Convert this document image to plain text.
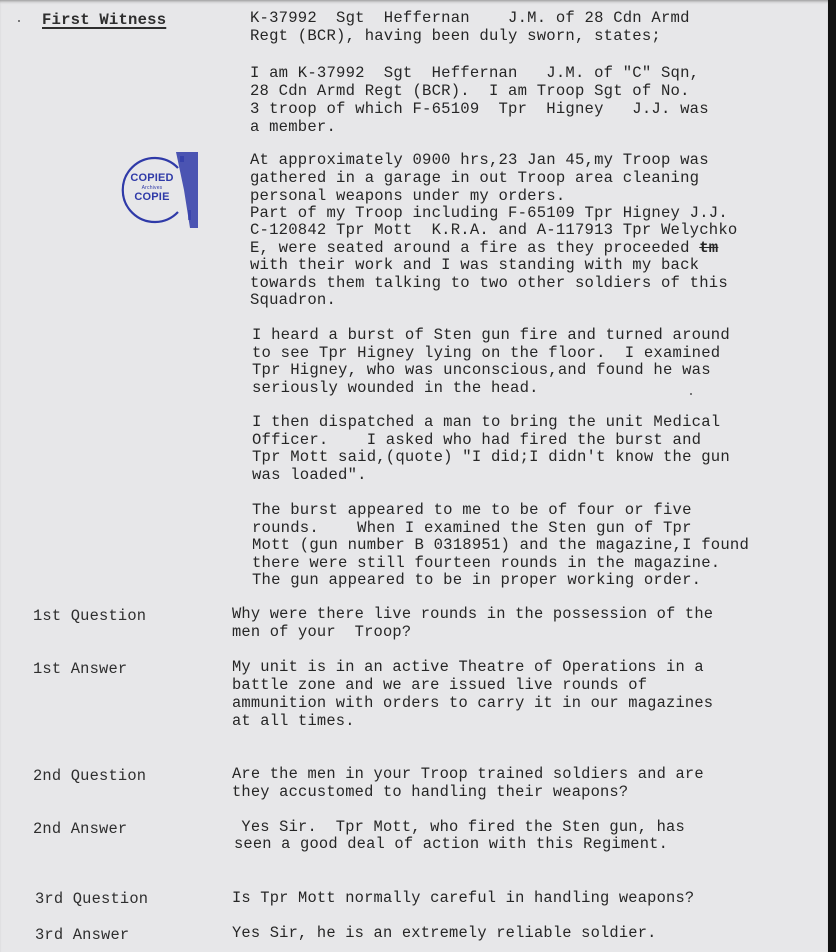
First Witness	K-37992  Sgt  Heffernan    J.M. of 28 Cdn Armd
Regt (BCR), having been duly sworn, states;
I am K-37992  Sgt  Heffernan   J.M. of "C" Sqn,
28 Cdn Armd Regt (BCR).  I am Troop Sgt of No.
3 troop of which F-65109  Tpr  Higney   J.J. was
a member.
COPIED
Archives
COPIE
At approximately 0900 hrs,23 Jan 45,my Troop was
gathered in a garage in out Troop area cleaning
personal weapons under my orders.
Part of my Troop including F-65109 Tpr Higney J.J.
C-120842 Tpr Mott  K.R.A. and A-117913 Tpr Welychko
E, were seated around a fire as they proceeded tm
with their work and I was standing with my back
towards them talking to two other soldiers of this
Squadron.
I heard a burst of Sten gun fire and turned around
to see Tpr Higney lying on the floor.  I examined
Tpr Higney, who was unconscious,and found he was
seriously wounded in the head.
I then dispatched a man to bring the unit Medical
Officer.    I asked who had fired the burst and
Tpr Mott said,(quote) "I did;I didn't know the gun
was loaded".
The burst appeared to me to be of four or five
rounds.    When I examined the Sten gun of Tpr
Mott (gun number B 0318951) and the magazine,I found
there were still fourteen rounds in the magazine.
The gun appeared to be in proper working order.
1st Question	Why were there live rounds in the possession of the
men of your  Troop?
1st Answer	My unit is in an active Theatre of Operations in a
battle zone and we are issued live rounds of
ammunition with orders to carry it in our magazines
at all times.
2nd Question	Are the men in your Troop trained soldiers and are
they accustomed to handling their weapons?
2nd Answer	Yes Sir.  Tpr Mott, who fired the Sten gun, has
seen a good deal of action with this Regiment.
3rd Question	Is Tpr Mott normally careful in handling weapons?
3rd Answer	Yes Sir, he is an extremely reliable soldier.
